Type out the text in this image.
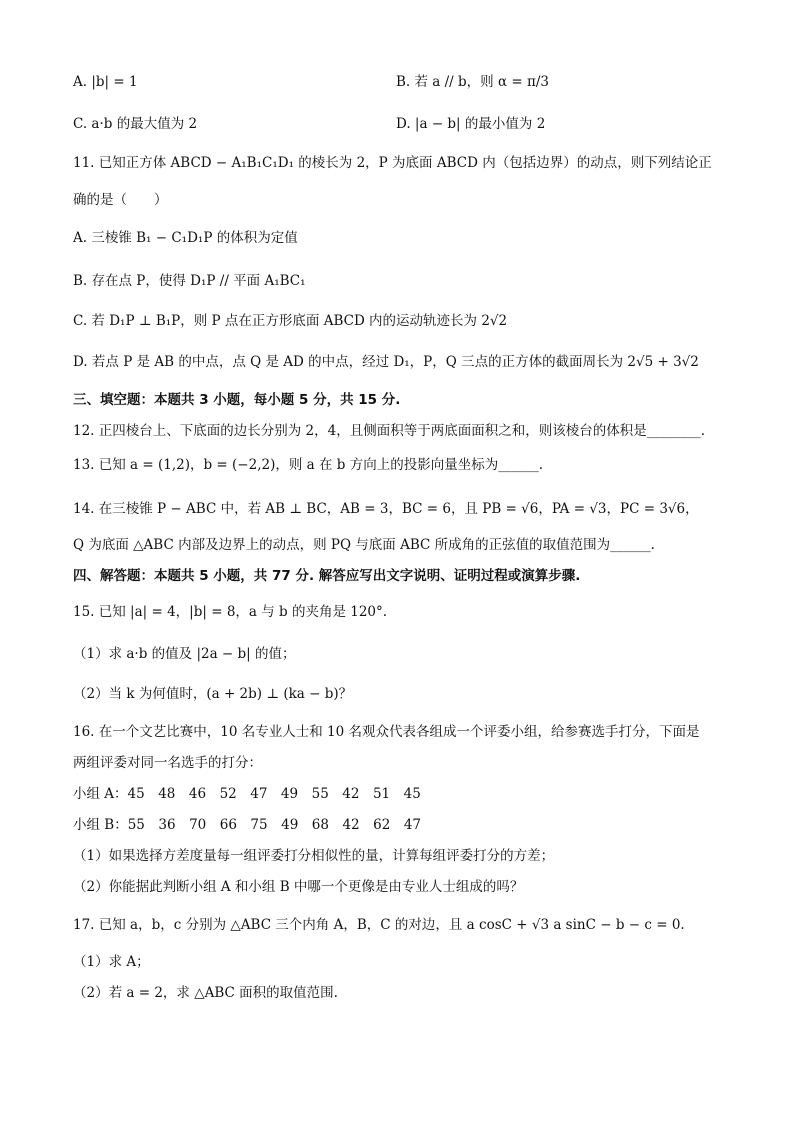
A. |b| = 1	B. 若 a // b，则 α = π/3
C. a·b 的最大值为 2	D. |a − b| 的最小值为 2
11. 已知正方体 ABCD − A₁B₁C₁D₁ 的棱长为 2，P 为底面 ABCD 内（包括边界）的动点，则下列结论正
确的是（　　）
A. 三棱锥 B₁ − C₁D₁P 的体积为定值
B. 存在点 P，使得 D₁P // 平面 A₁BC₁
C. 若 D₁P ⊥ B₁P，则 P 点在正方形底面 ABCD 内的运动轨迹长为 2√2
D. 若点 P 是 AB 的中点，点 Q 是 AD 的中点，经过 D₁，P，Q 三点的正方体的截面周长为 2√5 + 3√2
三、填空题：本题共 3 小题，每小题 5 分，共 15 分.
12. 正四棱台上、下底面的边长分别为 2，4，且侧面积等于两底面面积之和，则该棱台的体积是________.
13. 已知 a = (1,2)，b = (−2,2)，则 a 在 b 方向上的投影向量坐标为______.
14. 在三棱锥 P − ABC 中，若 AB ⊥ BC，AB = 3，BC = 6，且 PB = √6，PA = √3，PC = 3√6，
Q 为底面 △ABC 内部及边界上的动点，则 PQ 与底面 ABC 所成角的正弦值的取值范围为______.
四、解答题：本题共 5 小题，共 77 分. 解答应写出文字说明、证明过程或演算步骤.
15. 已知 |a| = 4，|b| = 8，a 与 b 的夹角是 120°.
（1）求 a·b 的值及 |2a − b| 的值；
（2）当 k 为何值时，(a + 2b) ⊥ (ka − b)？
16. 在一个文艺比赛中，10 名专业人士和 10 名观众代表各组成一个评委小组，给参赛选手打分，下面是
两组评委对同一名选手的打分：
小组 A：45　48　46　52　47　49　55　42　51　45
小组 B：55　36　70　66　75　49　68　42　62　47
（1）如果选择方差度量每一组评委打分相似性的量，计算每组评委打分的方差；
（2）你能据此判断小组 A 和小组 B 中哪一个更像是由专业人士组成的吗？
17. 已知 a，b，c 分别为 △ABC 三个内角 A，B，C 的对边，且 a cosC + √3 a sinC − b − c = 0.
（1）求 A；
（2）若 a = 2，求 △ABC 面积的取值范围.
